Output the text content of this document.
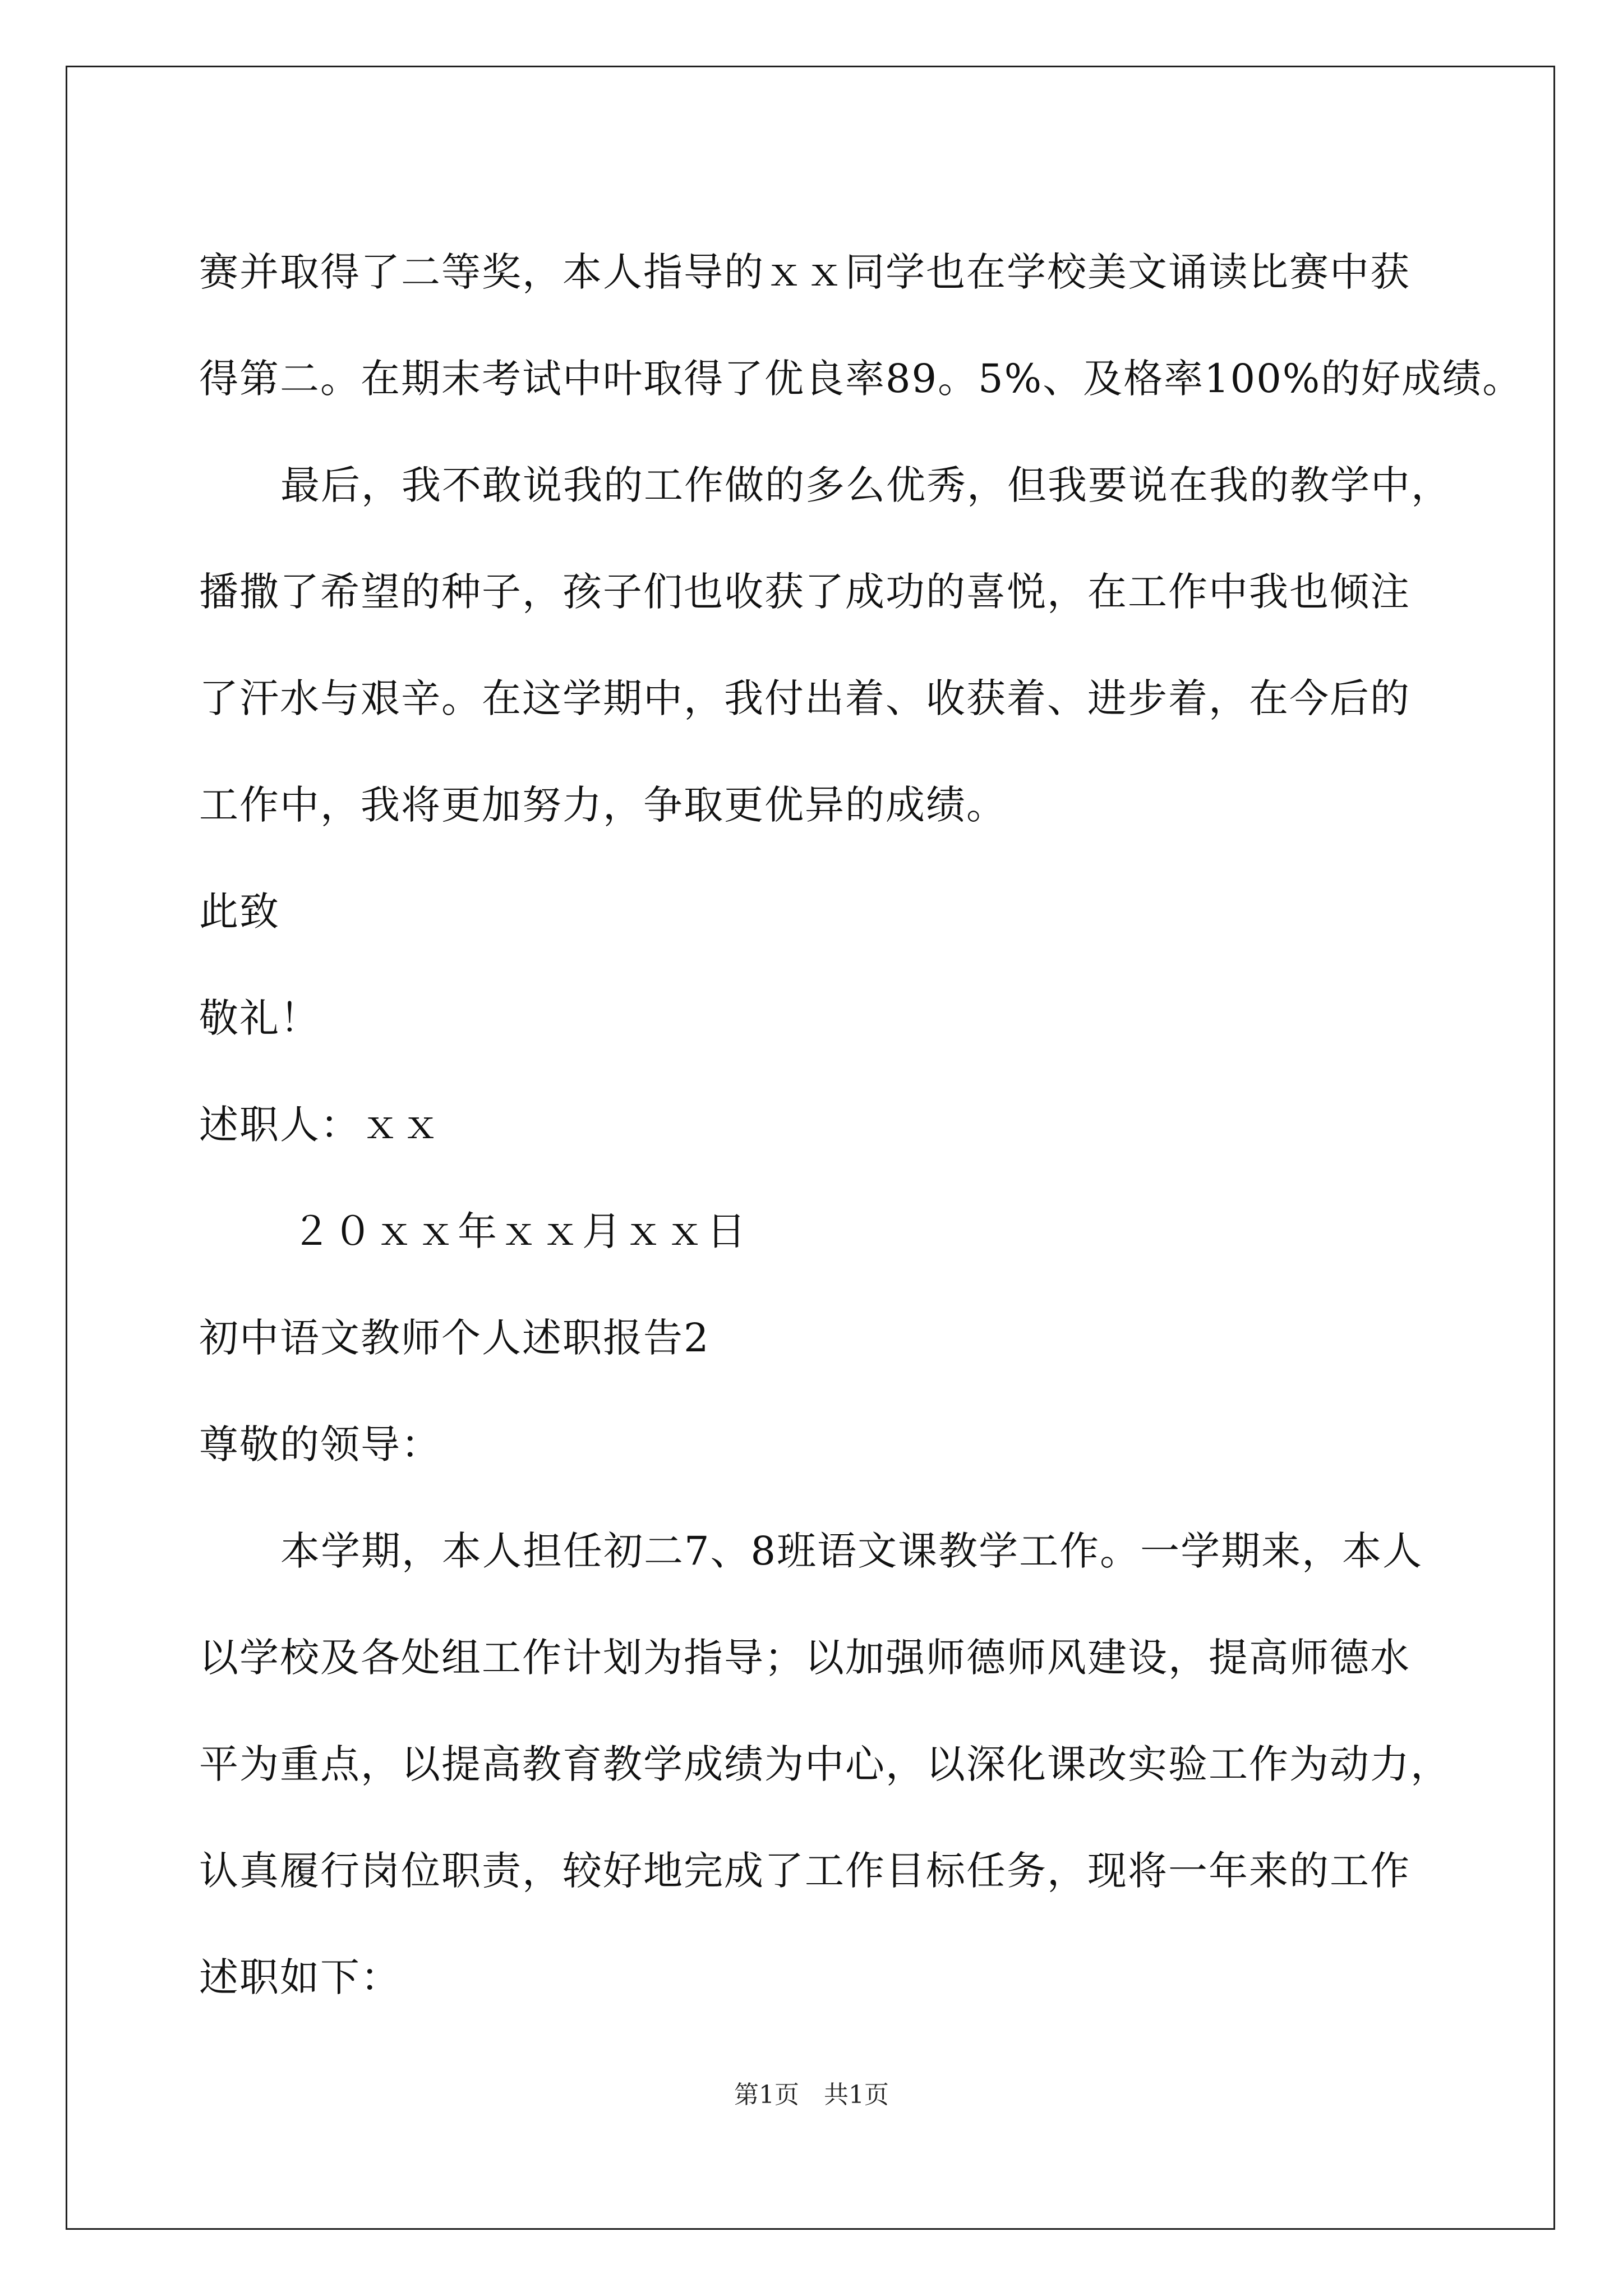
赛并取得了二等奖，本人指导的ｘｘ同学也在学校美文诵读比赛中获
得第二。在期末考试中叶取得了优良率89。5%、及格率100%的好成绩。
最后，我不敢说我的工作做的多么优秀，但我要说在我的教学中，
播撒了希望的种子，孩子们也收获了成功的喜悦，在工作中我也倾注
了汗水与艰辛。在这学期中，我付出着、收获着、进步着，在今后的
工作中，我将更加努力，争取更优异的成绩。
此致
敬礼！
述职人：ｘｘ
２０ｘｘ年ｘｘ月ｘｘ日
初中语文教师个人述职报告2
尊敬的领导：
本学期，本人担任初二7、8班语文课教学工作。一学期来，本人
以学校及各处组工作计划为指导；以加强师德师风建设，提高师德水
平为重点，以提高教育教学成绩为中心，以深化课改实验工作为动力，
认真履行岗位职责，较好地完成了工作目标任务，现将一年来的工作
述职如下：
第1页　共1页
